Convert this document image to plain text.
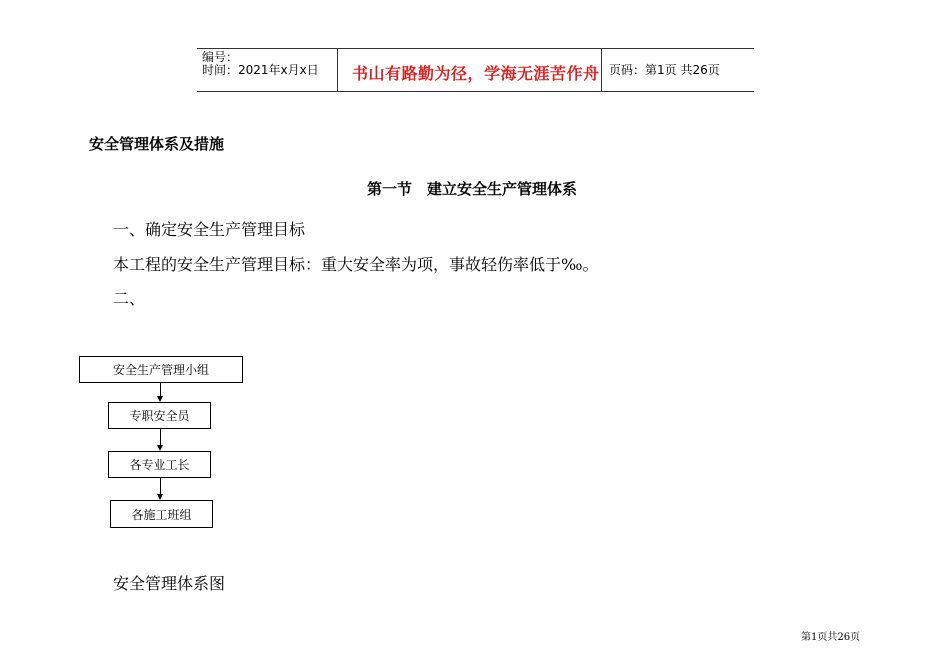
编号：
时间：2021年x月x日 书山有路勤为径，学海无涯苦作舟 页码：第1页 共26页
安全管理体系及措施
第一节　建立安全生产管理体系
一、确定安全生产管理目标
本工程的安全生产管理目标：重大安全率为项，事故轻伤率低于‰。
二、
安全生产管理小组
专职安全员
各专业工长
各施工班组
安全管理体系图
第1页共26页
